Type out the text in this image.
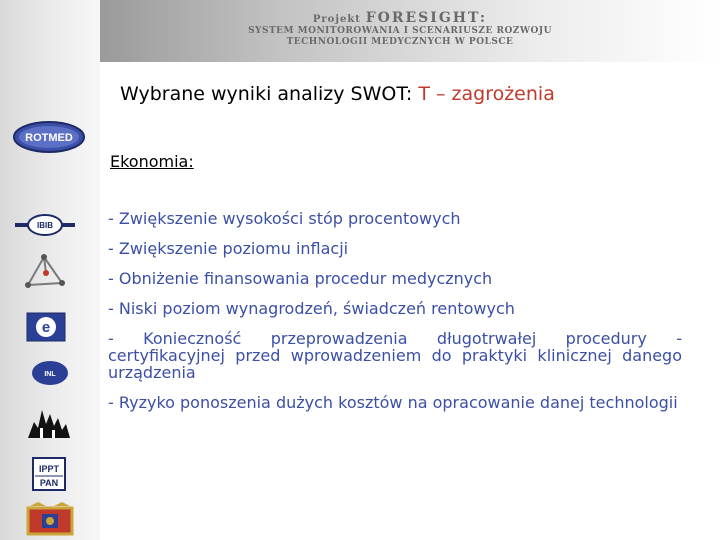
Projekt FORESIGHT:
SYSTEM MONITOROWANIA I SCENARIUSZE ROZWOJU
TECHNOLOGII MEDYCZNYCH W POLSCE
ROTMED
IBIB
e
INL
IPPT
PAN
Wybrane wyniki analizy SWOT: T – zagrożenia
Ekonomia:
- Zwiększenie wysokości stóp procentowych
- Zwiększenie poziomu inflacji
- Obniżenie finansowania procedur medycznych
- Niski poziom wynagrodzeń, świadczeń rentowych
- Konieczność przeprowadzenia długotrwałej procedury - certyfikacyjnej przed wprowadzeniem do praktyki klinicznej danego urządzenia
- Ryzyko ponoszenia dużych kosztów na opracowanie danej technologii
